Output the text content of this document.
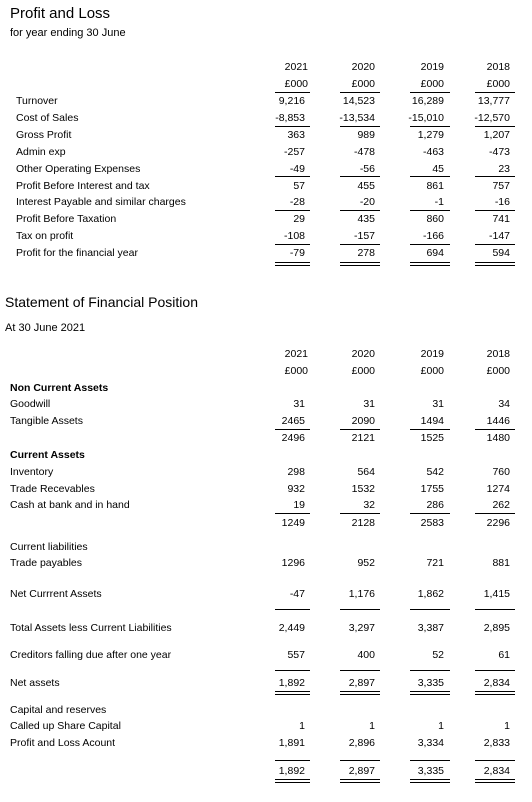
Profit and Loss
for year ending 30 June
2021	2020	2019	2018
£000	£000	£000	£000
Turnover	9,216	14,523	16,289	13,777
Cost of Sales	-8,853	-13,534	-15,010	-12,570
Gross Profit	363	989	1,279	1,207
Admin exp	-257	-478	-463	-473
Other Operating Expenses	-49	-56	45	23
Profit Before Interest and tax	57	455	861	757
Interest Payable and similar charges	-28	-20	-1	-16
Profit Before Taxation	29	435	860	741
Tax on profit	-108	-157	-166	-147
Profit for the financial year	-79	278	694	594
Statement of Financial Position
At 30 June 2021
2021	2020	2019	2018
£000	£000	£000	£000
Non Current Assets
Goodwill	31	31	31	34
Tangible Assets	2465	2090	1494	1446
2496	2121	1525	1480
Current Assets
Inventory	298	564	542	760
Trade Recevables	932	1532	1755	1274
Cash at bank and in hand	19	32	286	262
1249	2128	2583	2296
Current liabilities
Trade payables	1296	952	721	881
Net Currrent Assets	-47	1,176	1,862	1,415
Total Assets less Current Liabilities	2,449	3,297	3,387	2,895
Creditors falling due after one year	557	400	52	61
Net assets	1,892	2,897	3,335	2,834
Capital and reserves
Called up Share Capital	1	1	1	1
Profit and Loss Acount	1,891	2,896	3,334	2,833
1,892	2,897	3,335	2,834
